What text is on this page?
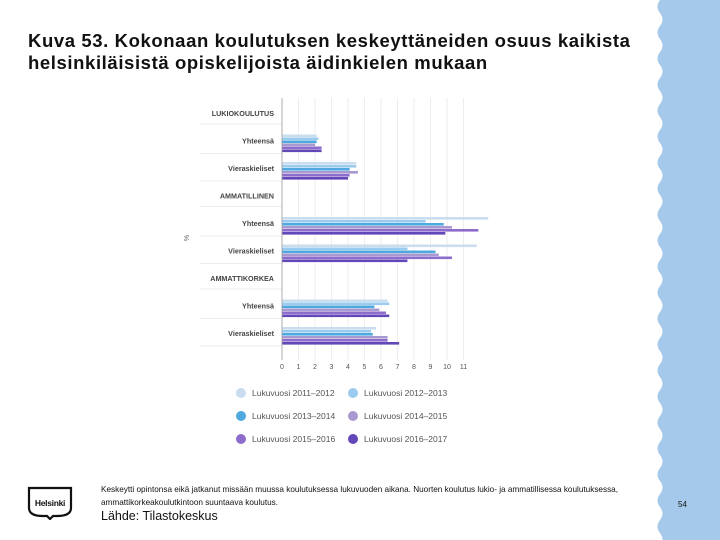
Kuva 53. Kokonaan koulutuksen keskeyttäneiden osuus kaikista helsinkiläisistä opiskelijoista äidinkielen mukaan
0 1 2 3 4 5 6 7 8 9 10 11
LUKIOKOULUTUS
Yhteensä
Vieraskieliset
AMMATILLINEN
Yhteensä
Vieraskieliset
AMMATTIKORKEA
Yhteensä
Vieraskieliset
%
Lukuvuosi 2011–2012	Lukuvuosi 2012–2013
Lukuvuosi 2013–2014	Lukuvuosi 2014–2015
Lukuvuosi 2015–2016	Lukuvuosi 2016–2017
Helsinki
Keskeytti opintonsa eikä jatkanut missään muussa koulutuksessa lukuvuoden aikana. Nuorten koulutus lukio- ja ammatillisessa koulutuksessa, ammattikorkeakoulutkintoon suuntaava koulutus.
Lähde: Tilastokeskus
54
